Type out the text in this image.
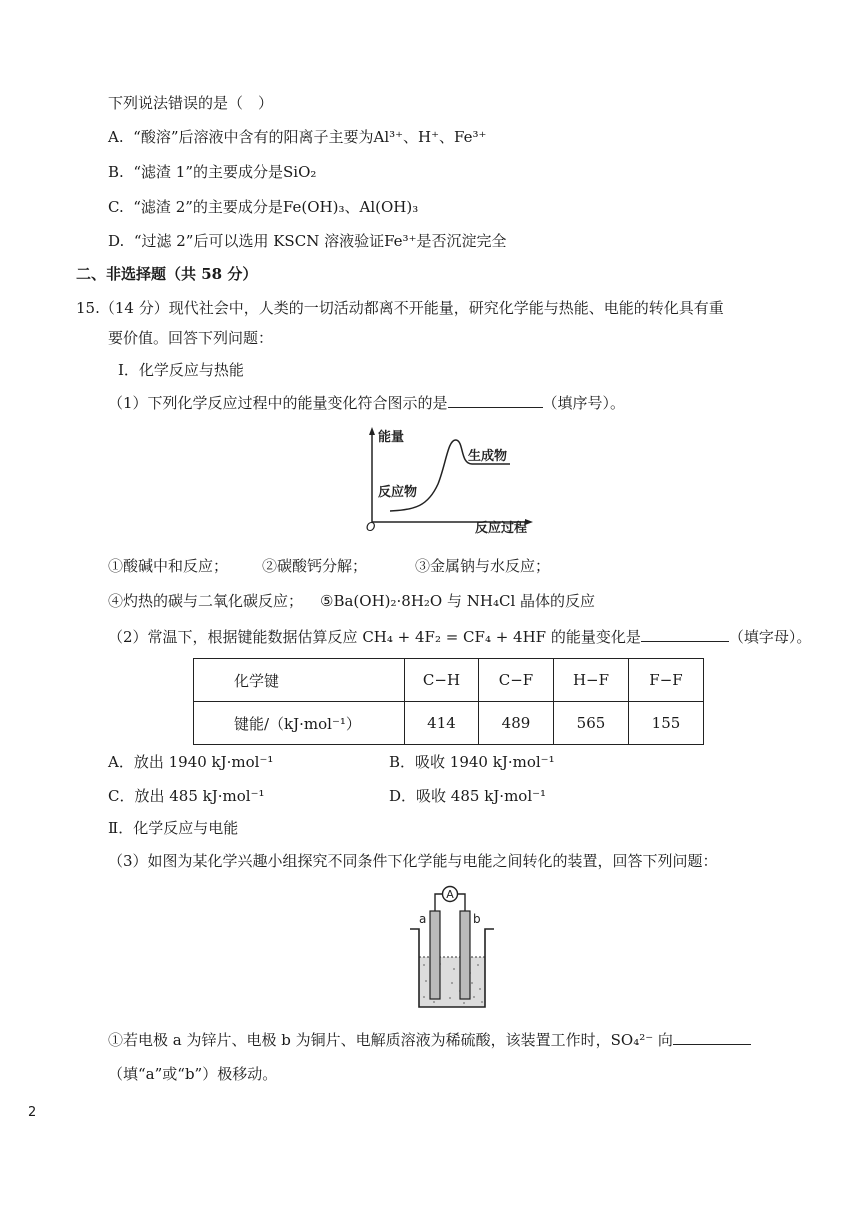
下列说法错误的是（　）
A. “酸溶”后溶液中含有的阳离子主要为Al³⁺、H⁺、Fe³⁺
B. “滤渣 1”的主要成分是SiO₂
C. “滤渣 2”的主要成分是Fe(OH)₃、Al(OH)₃
D. “过滤 2”后可以选用 KSCN 溶液验证Fe³⁺是否沉淀完全
二、非选择题（共 58 分）
15.（14 分）现代社会中，人类的一切活动都离不开能量，研究化学能与热能、电能的转化具有重
要价值。回答下列问题：
Ⅰ．化学反应与热能
（1）下列化学反应过程中的能量变化符合图示的是	（填序号）。
能量
生成物
反应物
O	反应过程
①酸碱中和反应； ②碳酸钙分解；	③金属钠与水反应；
④灼热的碳与二氧化碳反应； ⑤Ba(OH)₂·8H₂O 与 NH₄Cl 晶体的反应
（2）常温下，根据键能数据估算反应 CH₄ + 4F₂ = CF₄ + 4HF 的能量变化是	（填字母）。
化学键	C−H	C−F	H−F	F−F
键能/（kJ·mol⁻¹）	414	489	565	155
A．放出 1940 kJ·mol⁻¹	B．吸收 1940 kJ·mol⁻¹
C．放出 485 kJ·mol⁻¹	D．吸收 485 kJ·mol⁻¹
Ⅱ．化学反应与电能
（3）如图为某化学兴趣小组探究不同条件下化学能与电能之间转化的装置，回答下列问题：
A
a	b
①若电极 a 为锌片、电极 b 为铜片、电解质溶液为稀硫酸，该装置工作时，SO₄²⁻ 向
（填“a”或“b”）极移动。
2
